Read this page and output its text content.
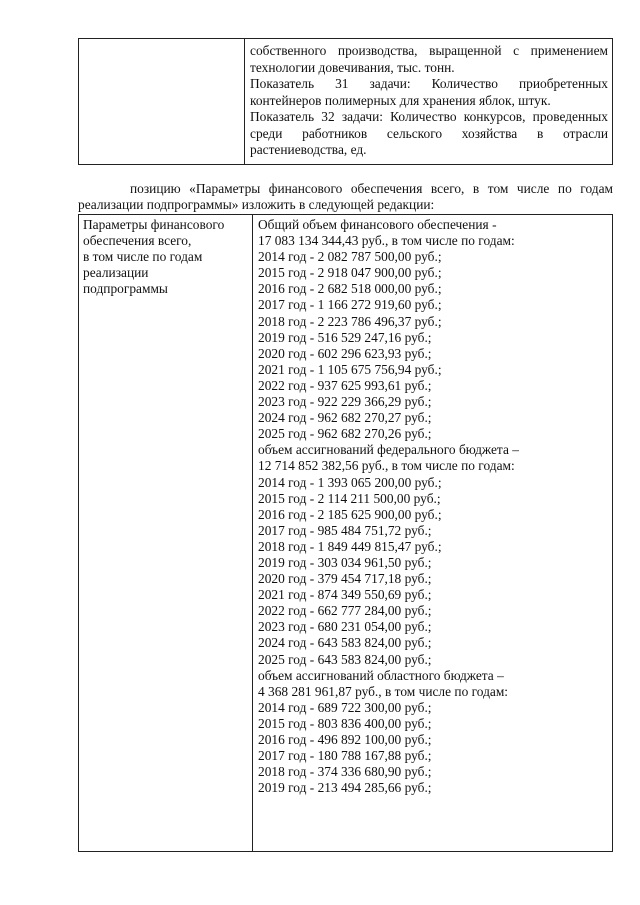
собственного производства, выращенной с применением технологии довечивания, тыс. тонн.
Показатель 31 задачи: Количество приобретенных контейнеров полимерных для хранения яблок, штук.
Показатель 32 задачи: Количество конкурсов, проведенных среди работников сельского хозяйства в отрасли растениеводства, ед.
позицию «Параметры финансового обеспечения всего, в том числе по годам
реализации подпрограммы» изложить в следующей редакции:
Параметры финансового
обеспечения всего,
в том числе по годам
реализации
подпрограммы

Общий объем финансового обеспечения -
17 083 134 344,43 руб., в том числе по годам:
2014 год - 2 082 787 500,00 руб.;
2015 год - 2 918 047 900,00 руб.;
2016 год - 2 682 518 000,00 руб.;
2017 год - 1 166 272 919,60 руб.;
2018 год - 2 223 786 496,37 руб.;
2019 год - 516 529 247,16 руб.;
2020 год - 602 296 623,93 руб.;
2021 год - 1 105 675 756,94 руб.;
2022 год - 937 625 993,61 руб.;
2023 год - 922 229 366,29 руб.;
2024 год - 962 682 270,27 руб.;
2025 год - 962 682 270,26 руб.;
объем ассигнований федерального бюджета –
12 714 852 382,56 руб., в том числе по годам:
2014 год - 1 393 065 200,00 руб.;
2015 год - 2 114 211 500,00 руб.;
2016 год - 2 185 625 900,00 руб.;
2017 год - 985 484 751,72 руб.;
2018 год - 1 849 449 815,47 руб.;
2019 год - 303 034 961,50 руб.;
2020 год - 379 454 717,18 руб.;
2021 год - 874 349 550,69 руб.;
2022 год - 662 777 284,00 руб.;
2023 год - 680 231 054,00 руб.;
2024 год - 643 583 824,00 руб.;
2025 год - 643 583 824,00 руб.;
объем ассигнований областного бюджета –
4 368 281 961,87 руб., в том числе по годам:
2014 год - 689 722 300,00 руб.;
2015 год - 803 836 400,00 руб.;
2016 год - 496 892 100,00 руб.;
2017 год - 180 788 167,88 руб.;
2018 год - 374 336 680,90 руб.;
2019 год - 213 494 285,66 руб.;
